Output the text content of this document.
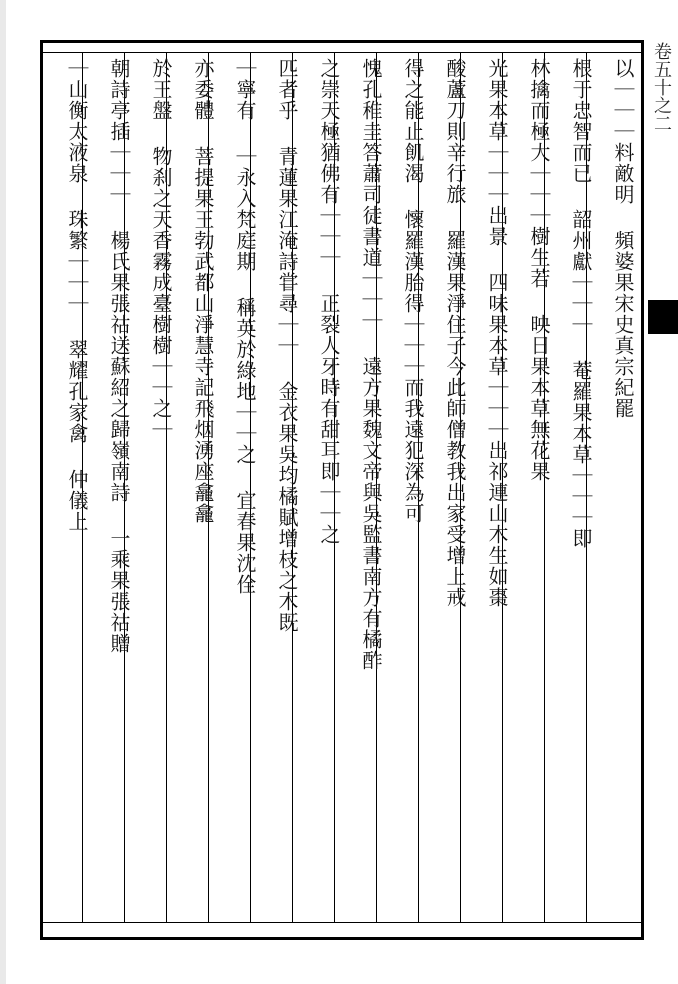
以｜｜｜料敵明 頻婆果宋史真宗紀罷
根于忠智而已 韶州獻｜｜｜ 菴羅果本草｜｜｜即
林擒而極大｜｜｜樹生若 映日果本草無花果
光果本草｜｜｜出景 四味果本草｜｜｜出祁連山木生如棗
酸蘆刀則辛行旅 羅漢果淨住子今此師僧教我出家受增上戒
得之能止飢渴 懷羅漢胎得｜｜｜而我遠犯深為可
愧孔稚圭答蕭司徒書道｜｜｜ 遠方果魏文帝與吳監書南方有橘酢
之崇天極猶佛有｜｜｜ 正裂人牙時有甜耳即｜｜之
匹者乎 青蓮果江淹詩甞尋｜｜ 金衣果吳均橘賦增枝之木既
｜寧有 ｜永入梵庭期 稱英於綠地｜｜之 宜春果沈佺
亦委體 菩提果王勃武都山淨慧寺記飛烟湧座龕龕
於王盤 物刹之天香霧成臺樹樹｜｜之｜
朝詩亭插｜｜｜ 楊氏果張祜送蘇紹之歸嶺南詩 一乘果張祜贈
｜山衡太液泉 珠繁｜｜｜ 翠耀孔家禽 仲儀上	卷五十之二
